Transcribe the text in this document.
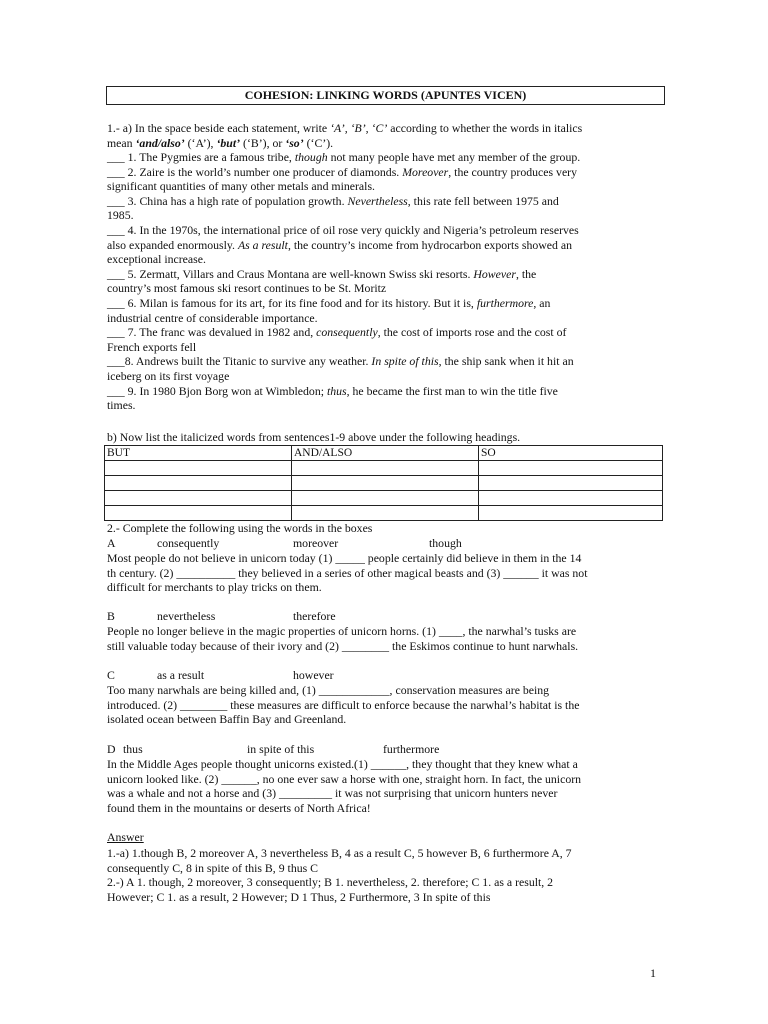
COHESION: LINKING WORDS (APUNTES VICEN)
1.- a) In the space beside each statement, write ‘A’, ‘B’, ‘C’ according to whether the words in italics
mean ‘and/also’ (‘A’), ‘but’ (‘B’), or ‘so’ (‘C’).
___ 1. The Pygmies are a famous tribe, though not many people have met any member of the group.
___ 2. Zaire is the world’s number one producer of diamonds. Moreover, the country produces very
significant quantities of many other metals and minerals.
___ 3. China has a high rate of population growth. Nevertheless, this rate fell between 1975 and
1985.
___ 4. In the 1970s, the international price of oil rose very quickly and Nigeria’s petroleum reserves
also expanded enormously. As a result, the country’s income from hydrocarbon exports showed an
exceptional increase.
___ 5. Zermatt, Villars and Craus Montana are well-known Swiss ski resorts. However, the
country’s most famous ski resort continues to be St. Moritz
___ 6. Milan is famous for its art, for its fine food and for its history. But it is, furthermore, an
industrial centre of considerable importance.
___ 7. The franc was devalued in 1982 and, consequently, the cost of imports rose and the cost of
French exports fell
___8. Andrews built the Titanic to survive any weather. In spite of this, the ship sank when it hit an
iceberg on its first voyage
___ 9. In 1980 Bjon Borg won at Wimbledon; thus, he became the first man to win the title five
times.
b) Now list the italicized words from sentences1-9 above under the following headings.
BUT	AND/ALSO	SO

2.- Complete the following using the words in the boxes
A	consequently	moreover	though
Most people do not believe in unicorn today (1) _____ people certainly did believe in them in the 14
th century. (2) __________ they believed in a series of other magical beasts and (3) ______ it was not
difficult for merchants to play tricks on them.
B	nevertheless	therefore
People no longer believe in the magic properties of unicorn horns. (1) ____, the narwhal’s tusks are
still valuable today because of their ivory and (2) ________ the Eskimos continue to hunt narwhals.
C	as a result	however
Too many narwhals are being killed and, (1) ____________, conservation measures are being
introduced. (2) ________ these measures are difficult to enforce because the narwhal’s habitat is the
isolated ocean between Baffin Bay and Greenland.
D thus	in spite of this	furthermore
In the Middle Ages people thought unicorns existed.(1) ______, they thought that they knew what a
unicorn looked like. (2) ______, no one ever saw a horse with one, straight horn. In fact, the unicorn
was a whale and not a horse and (3) _________ it was not surprising that unicorn hunters never
found them in the mountains or deserts of North Africa!
Answer
1.-a) 1.though B, 2 moreover A, 3 nevertheless B, 4 as a result C, 5 however B, 6 furthermore A, 7
consequently C, 8 in spite of this B, 9 thus C
2.-) A 1. though, 2 moreover, 3 consequently; B 1. nevertheless, 2. therefore; C 1. as a result, 2
However; C 1. as a result, 2 However; D 1 Thus, 2 Furthermore, 3 In spite of this
1
